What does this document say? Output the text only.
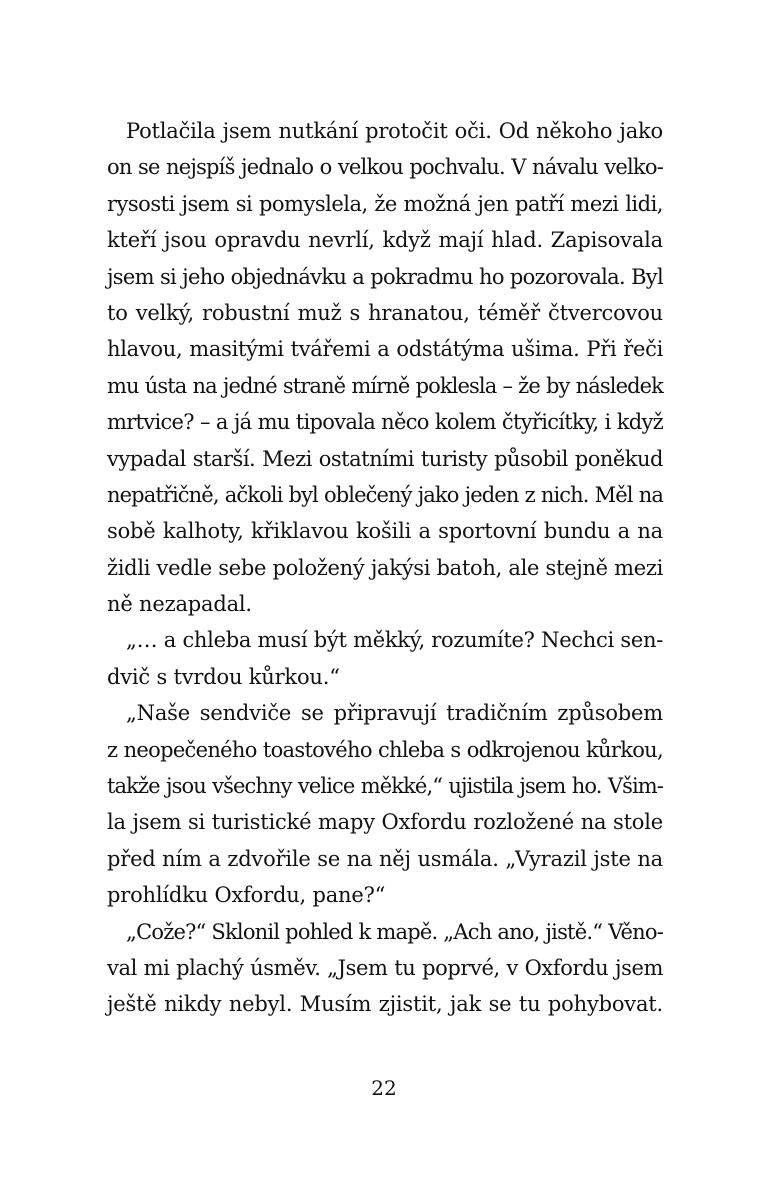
Potlačila jsem nutkání protočit oči. Od někoho jako
on se nejspíš jednalo o velkou pochvalu. V návalu velko-
rysosti jsem si pomyslela, že možná jen patří mezi lidi,
kteří jsou opravdu nevrlí, když mají hlad. Zapisovala
jsem si jeho objednávku a pokradmu ho pozorovala. Byl
to velký, robustní muž s hranatou, téměř čtvercovou
hlavou, masitými tvářemi a odstátýma ušima. Při řeči
mu ústa na jedné straně mírně poklesla – že by následek
mrtvice? – a já mu tipovala něco kolem čtyřicítky, i když
vypadal starší. Mezi ostatními turisty působil poněkud
nepatřičně, ačkoli byl oblečený jako jeden z nich. Měl na
sobě kalhoty, křiklavou košili a sportovní bundu a na
židli vedle sebe položený jakýsi batoh, ale stejně mezi
ně nezapadal.
„… a chleba musí být měkký, rozumíte? Nechci sen-
dvič s tvrdou kůrkou.“
„Naše sendviče se připravují tradičním způsobem
z neopečeného toastového chleba s odkrojenou kůrkou,
takže jsou všechny velice měkké,“ ujistila jsem ho. Všim-
la jsem si turistické mapy Oxfordu rozložené na stole
před ním a zdvořile se na něj usmála. „Vyrazil jste na
prohlídku Oxfordu, pane?“
„Cože?“ Sklonil pohled k mapě. „Ach ano, jistě.“ Věno-
val mi plachý úsměv. „Jsem tu poprvé, v Oxfordu jsem
ještě nikdy nebyl. Musím zjistit, jak se tu pohybovat.
22
